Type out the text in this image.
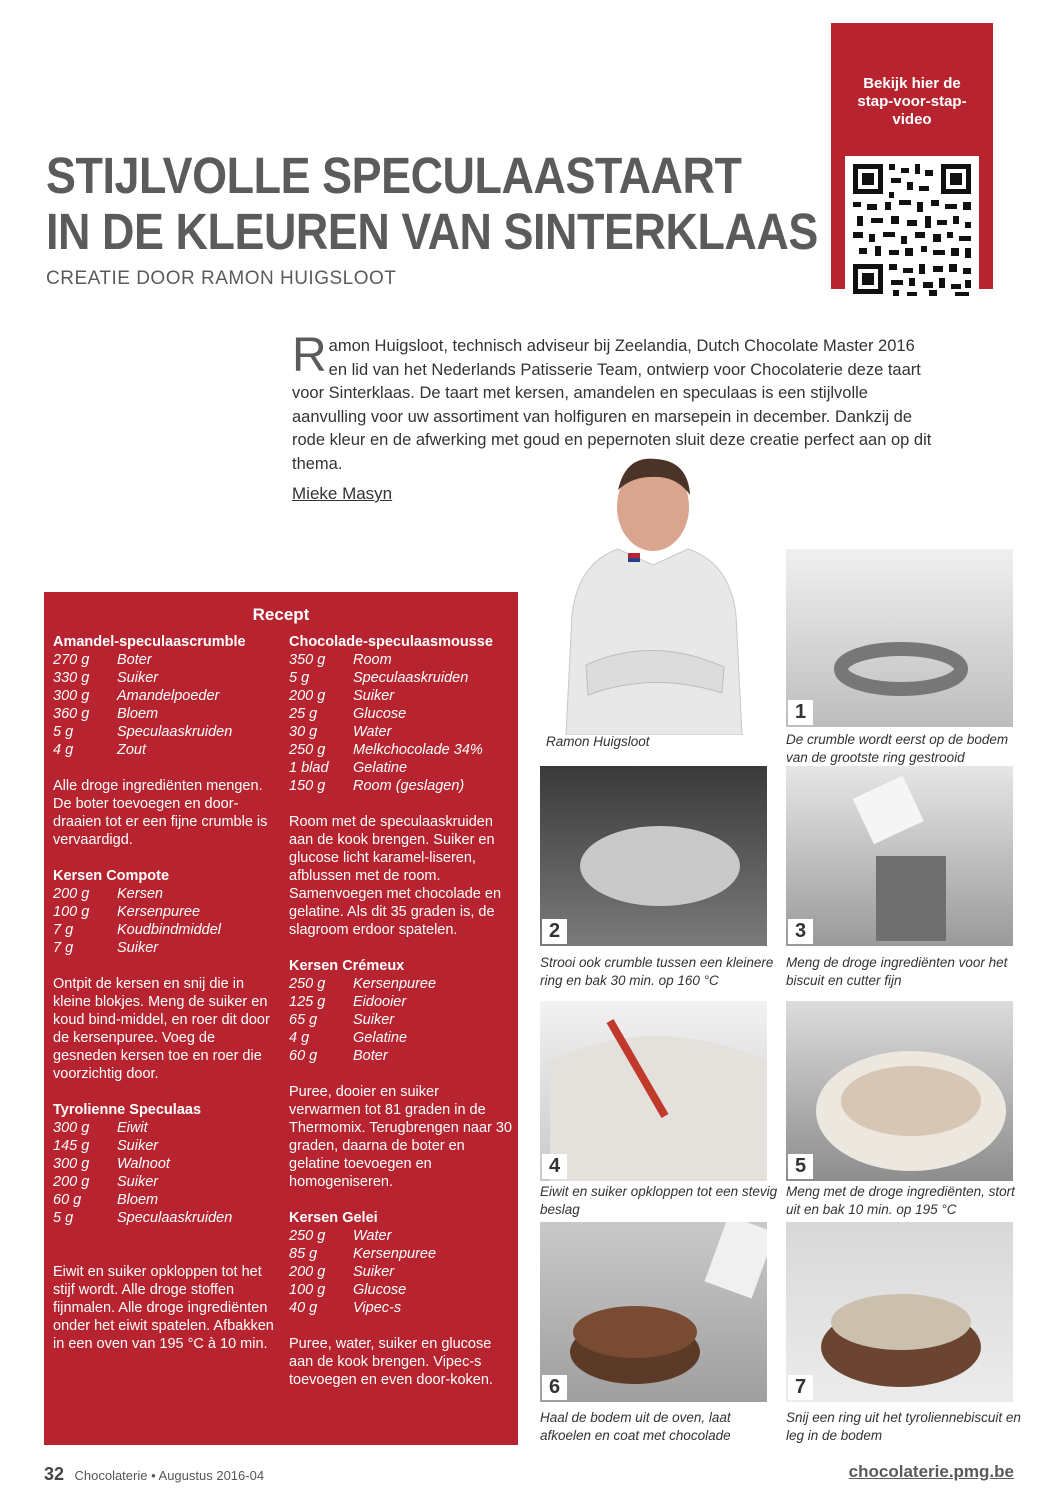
Bekijk hier de stap-voor-stap-video
STIJLVOLLE SPECULAASTAART
IN DE KLEUREN VAN SINTERKLAAS
CREATIE DOOR RAMON HUIGSLOOT
R amon Huigsloot, technisch adviseur bij Zeelandia, Dutch Chocolate Master 2016 en lid van het Nederlands Patisserie Team, ontwierp voor Chocolaterie deze taart voor Sinterklaas. De taart met kersen, amandelen en speculaas is een stijlvolle aanvulling voor uw assortiment van holfiguren en marsepein in december. Dankzij de rode kleur en de afwerking met goud en pepernoten sluit deze creatie perfect aan op dit thema.
Mieke Masyn
Ramon Huigsloot
Recept
Amandel-speculaascrumble
270 g	Boter
330 g	Suiker
300 g	Amandelpoeder
360 g	Bloem
5 g	Speculaaskruiden
4 g	Zout

Alle droge ingrediënten mengen. De boter toevoegen en door-draaien tot er een fijne crumble is vervaardigd.

Kersen Compote
200 g	Kersen
100 g	Kersenpuree
7 g	Koudbindmiddel
7 g	Suiker

Ontpit de kersen en snij die in kleine blokjes. Meng de suiker en koud bind-middel, en roer dit door de kersenpuree. Voeg de gesneden kersen toe en roer die voorzichtig door.

Tyrolienne Speculaas
300 g	Eiwit
145 g	Suiker
300 g	Walnoot
200 g	Suiker
60 g	Bloem
5 g	Speculaaskruiden

Eiwit en suiker opkloppen tot het stijf wordt. Alle droge stoffen fijnmalen. Alle droge ingrediënten onder het eiwit spatelen. Afbakken in een oven van 195 °C à 10 min.

Chocolade-speculaasmousse
350 g	Room
5 g	Speculaaskruiden
200 g	Suiker
25 g	Glucose
30 g	Water
250 g	Melkchocolade 34%
1 blad	Gelatine
150 g	Room (geslagen)

Room met de speculaaskruiden aan de kook brengen. Suiker en glucose licht karamel-liseren, afblussen met de room. Samenvoegen met chocolade en gelatine. Als dit 35 graden is, de slagroom erdoor spatelen.

Kersen Crémeux
250 g	Kersenpuree
125 g	Eidooier
65 g	Suiker
4 g	Gelatine
60 g	Boter

Puree, dooier en suiker verwarmen tot 81 graden in de Thermomix. Terugbrengen naar 30 graden, daarna de boter en gelatine toevoegen en homogeniseren.

Kersen Gelei
250 g	Water
85 g	Kersenpuree
200 g	Suiker
100 g	Glucose
40 g	Vipec-s

Puree, water, suiker en glucose aan de kook brengen. Vipec-s toevoegen en even door-koken.

1
De crumble wordt eerst op de bodem van de grootste ring gestrooid
2
Strooi ook crumble tussen een kleinere ring en bak 30 min. op 160 °C
3
Meng de droge ingrediënten voor het biscuit en cutter fijn
4
Eiwit en suiker opkloppen tot een stevig beslag
5
Meng met de droge ingrediënten, stort uit en bak 10 min. op 195 °C
6
Haal de bodem uit de oven, laat afkoelen en coat met chocolade
7
Snij een ring uit het tyroliennebiscuit en leg in de bodem
32 Chocolaterie • Augustus 2016-04	chocolaterie.pmg.be
